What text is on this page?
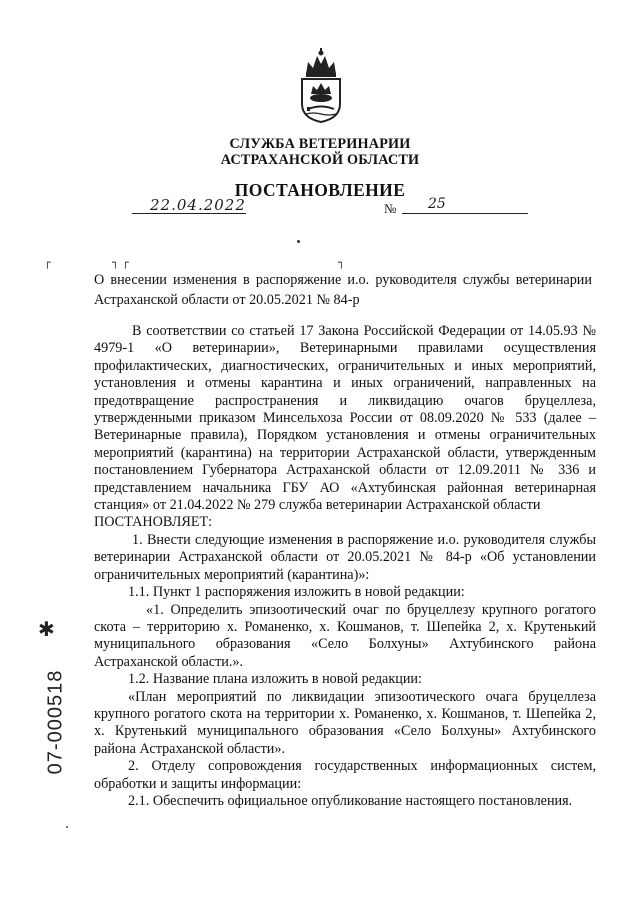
СЛУЖБА ВЕТЕРИНАРИИ
АСТРАХАНСКОЙ ОБЛАСТИ
ПОСТАНОВЛЕНИЕ
22.04.2022	№ 25
┌	┐ ┌	┐
О внесении изменения в распоряжение и.о. руководителя службы ветеринарии Астраханской области от 20.05.2021 № 84-р

В соответствии со статьей 17 Закона Российской Федерации от 14.05.93 № 4979-1 «О ветеринарии», Ветеринарными правилами осуществления профилактических, диагностических, ограничительных и иных мероприятий, установления и отмены карантина и иных ограничений, направленных на предотвращение распространения и ликвидацию очагов бруцеллеза, утвержденными приказом Минсельхоза России от 08.09.2020 № 533 (далее – Ветеринарные правила), Порядком установления и отмены ограничительных мероприятий (карантина) на территории Астраханской области, утвержденным постановлением Губернатора Астраханской области от 12.09.2011 № 336 и представлением начальника ГБУ АО «Ахтубинская районная ветеринарная станция» от 21.04.2022 № 279 служба ветеринарии Астраханской области

ПОСТАНОВЛЯЕТ:

1. Внести следующие изменения в распоряжение и.о. руководителя службы ветеринарии Астраханской области от 20.05.2021 № 84-р «Об установлении ограничительных мероприятий (карантина)»:

1.1. Пункт 1 распоряжения изложить в новой редакции:

«1. Определить эпизоотический очаг по бруцеллезу крупного рогатого скота – территорию х. Романенко, х. Кошманов, т. Шепейка 2, х. Крутенький муниципального образования «Село Болхуны» Ахтубинского района Астраханской области.».

1.2. Название плана изложить в новой редакции:

«План мероприятий по ликвидации эпизоотического очага бруцеллеза крупного рогатого скота на территории х. Романенко, х. Кошманов, т. Шепейка 2, х. Крутенький муниципального образования «Село Болхуны» Ахтубинского района Астраханской области».

2. Отделу сопровождения государственных информационных систем, обработки и защиты информации:

2.1. Обеспечить официальное опубликование настоящего постановления.

✱
07-000518
